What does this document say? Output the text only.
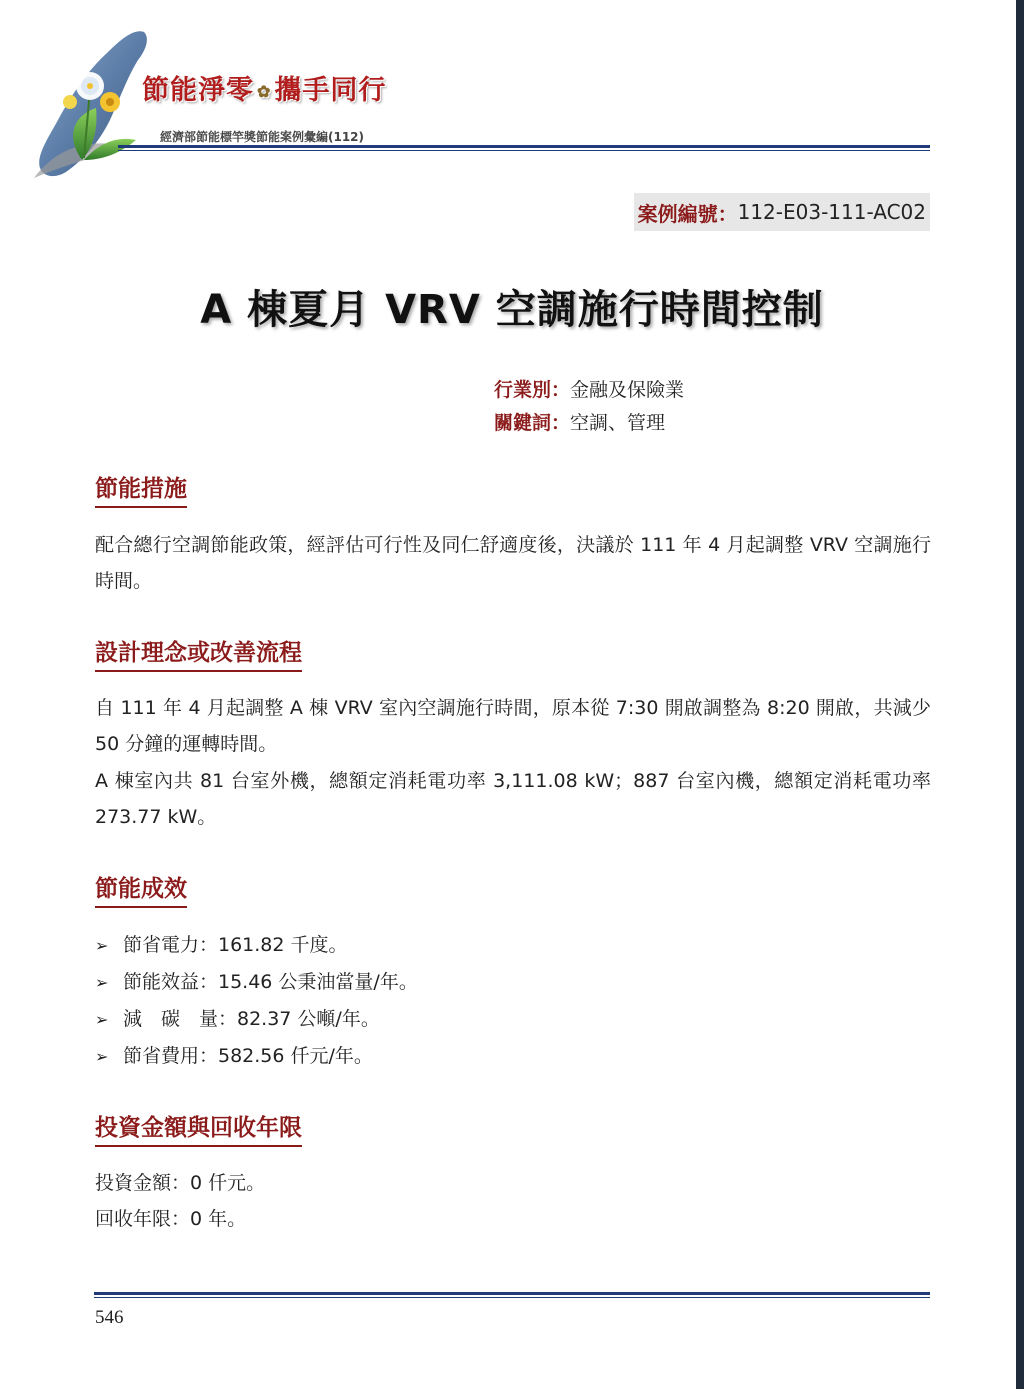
節能淨零 ✿ 攜手同行
經濟部節能標竿獎節能案例彙編(112)
案例編號： 112-E03-111-AC02
A 棟夏月 VRV 空調施行時間控制
行業別：金融及保險業
關鍵詞：空調、管理
節能措施
配合總行空調節能政策，經評估可行性及同仁舒適度後，決議於 111 年 4 月起調整 VRV 空調施行時間。
設計理念或改善流程
自 111 年 4 月起調整 A 棟 VRV 室內空調施行時間，原本從 7:30 開啟調整為 8:20 開啟，共減少 50 分鐘的運轉時間。
A 棟室內共 81 台室外機，總額定消耗電功率 3,111.08 kW；887 台室內機，總額定消耗電功率 273.77 kW。
節能成效
➢ 節省電力：161.82 千度。
➢ 節能效益：15.46 公秉油當量/年。
➢ 減　碳　量：82.37 公噸/年。
➢ 節省費用：582.56 仟元/年。
投資金額與回收年限
投資金額：0 仟元。
回收年限：0 年。
546
